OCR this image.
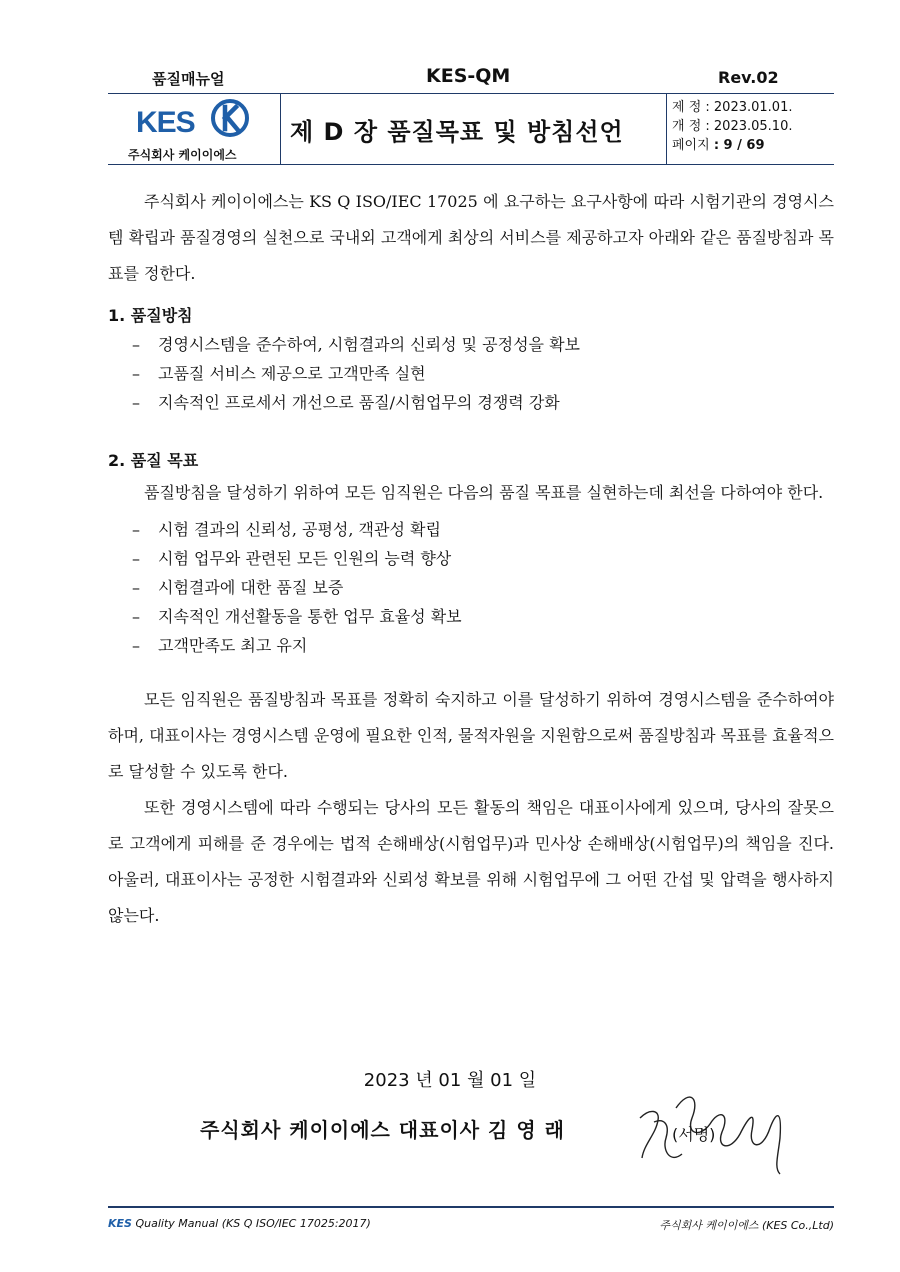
품질매뉴얼	KES-QM	Rev.02
KES
주식회사 케이이에스
제 D 장 품질목표 및 방침선언
제 정 : 2023.01.01.
개 정 : 2023.05.10.
페이지 : 9 / 69

주식회사 케이이에스는 KS Q ISO/IEC 17025 에 요구하는 요구사항에 따라 시험기관의 경영시스템 확립과 품질경영의 실천으로 국내외 고객에게 최상의 서비스를 제공하고자 아래와 같은 품질방침과 목표를 정한다.

1. 품질방침

– 경영시스템을 준수하여, 시험결과의 신뢰성 및 공정성을 확보
– 고품질 서비스 제공으로 고객만족 실현
– 지속적인 프로세서 개선으로 품질/시험업무의 경쟁력 강화

2. 품질 목표

품질방침을 달성하기 위하여 모든 임직원은 다음의 품질 목표를 실현하는데 최선을 다하여야 한다.

– 시험 결과의 신뢰성, 공평성, 객관성 확립
– 시험 업무와 관련된 모든 인원의 능력 향상
– 시험결과에 대한 품질 보증
– 지속적인 개선활동을 통한 업무 효율성 확보
– 고객만족도 최고 유지

모든 임직원은 품질방침과 목표를 정확히 숙지하고 이를 달성하기 위하여 경영시스템을 준수하여야 하며, 대표이사는 경영시스템 운영에 필요한 인적, 물적자원을 지원함으로써 품질방침과 목표를 효율적으로 달성할 수 있도록 한다.

또한 경영시스템에 따라 수행되는 당사의 모든 활동의 책임은 대표이사에게 있으며, 당사의 잘못으로 고객에게 피해를 준 경우에는 법적 손해배상(시험업무)과 민사상 손해배상(시험업무)의 책임을 진다. 아울러, 대표이사는 공정한 시험결과와 신뢰성 확보를 위해 시험업무에 그 어떤 간섭 및 압력을 행사하지 않는다.

2023 년 01 월 01 일
주식회사 케이이에스 대표이사 김 영 래	(서명)
KES Quality Manual (KS Q ISO/IEC 17025:2017)	주식회사 케이이에스 (KES Co.,Ltd)
